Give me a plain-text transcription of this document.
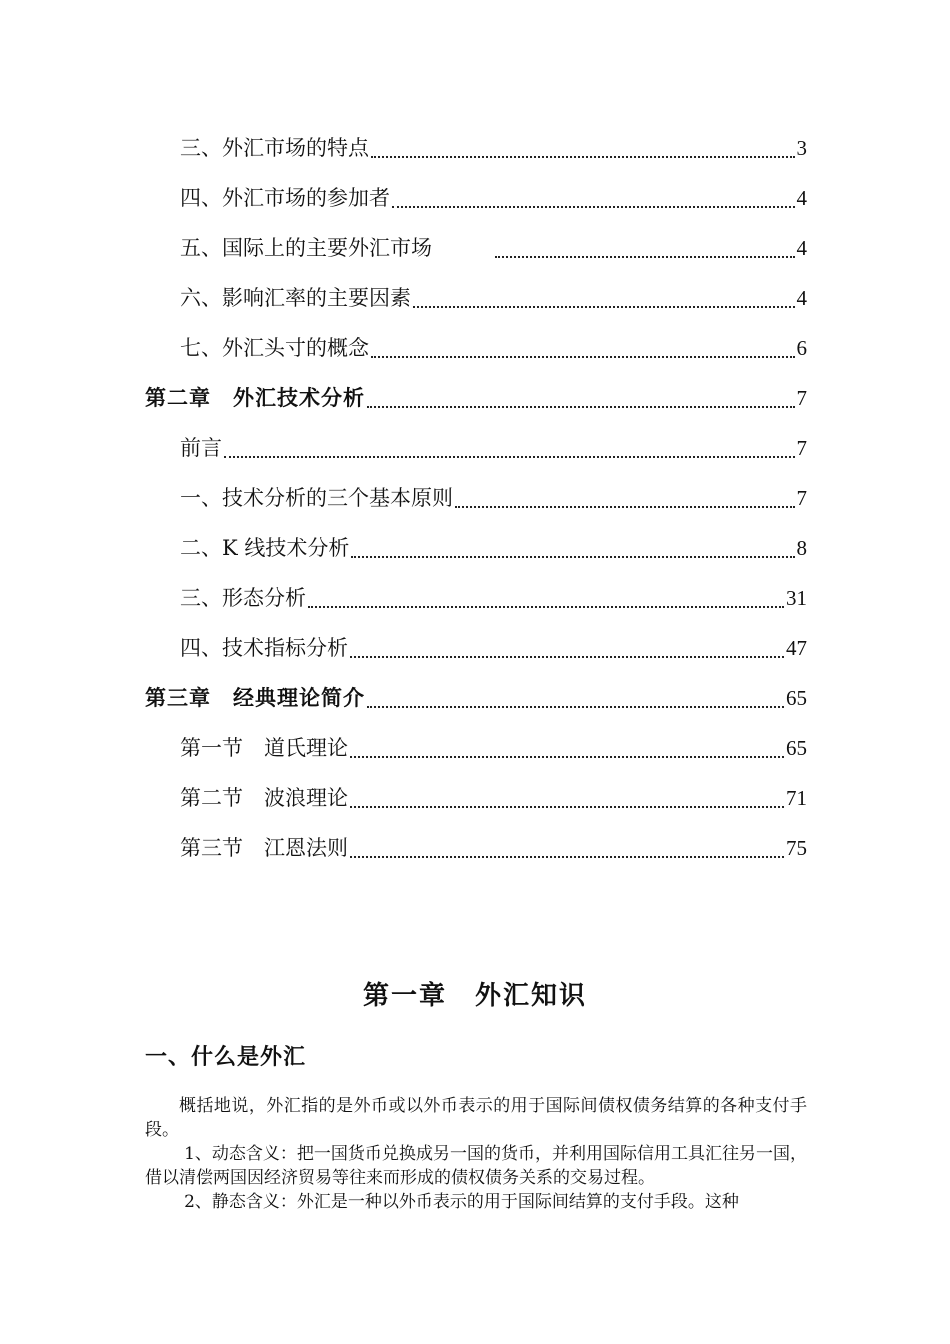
三、外汇市场的特点	3
四、外汇市场的参加者	4
五、国际上的主要外汇市场　	4
六、影响汇率的主要因素	4
七、外汇头寸的概念	6
第二章　外汇技术分析	7
前言	7
一、技术分析的三个基本原则	7
二、K 线技术分析	8
三、形态分析	31
四、技术指标分析	47
第三章　经典理论简介	65
第一节　道氏理论	65
第二节　波浪理论	71
第三节　江恩法则	75
第一章　外汇知识
一、什么是外汇

概括地说，外汇指的是外币或以外币表示的用于国际间债权债务结算的各种支付手段。

1、动态含义：把一国货币兑换成另一国的货币，并利用国际信用工具汇往另一国，借以清偿两国因经济贸易等往来而形成的债权债务关系的交易过程。

2、静态含义：外汇是一种以外币表示的用于国际间结算的支付手段。这种
